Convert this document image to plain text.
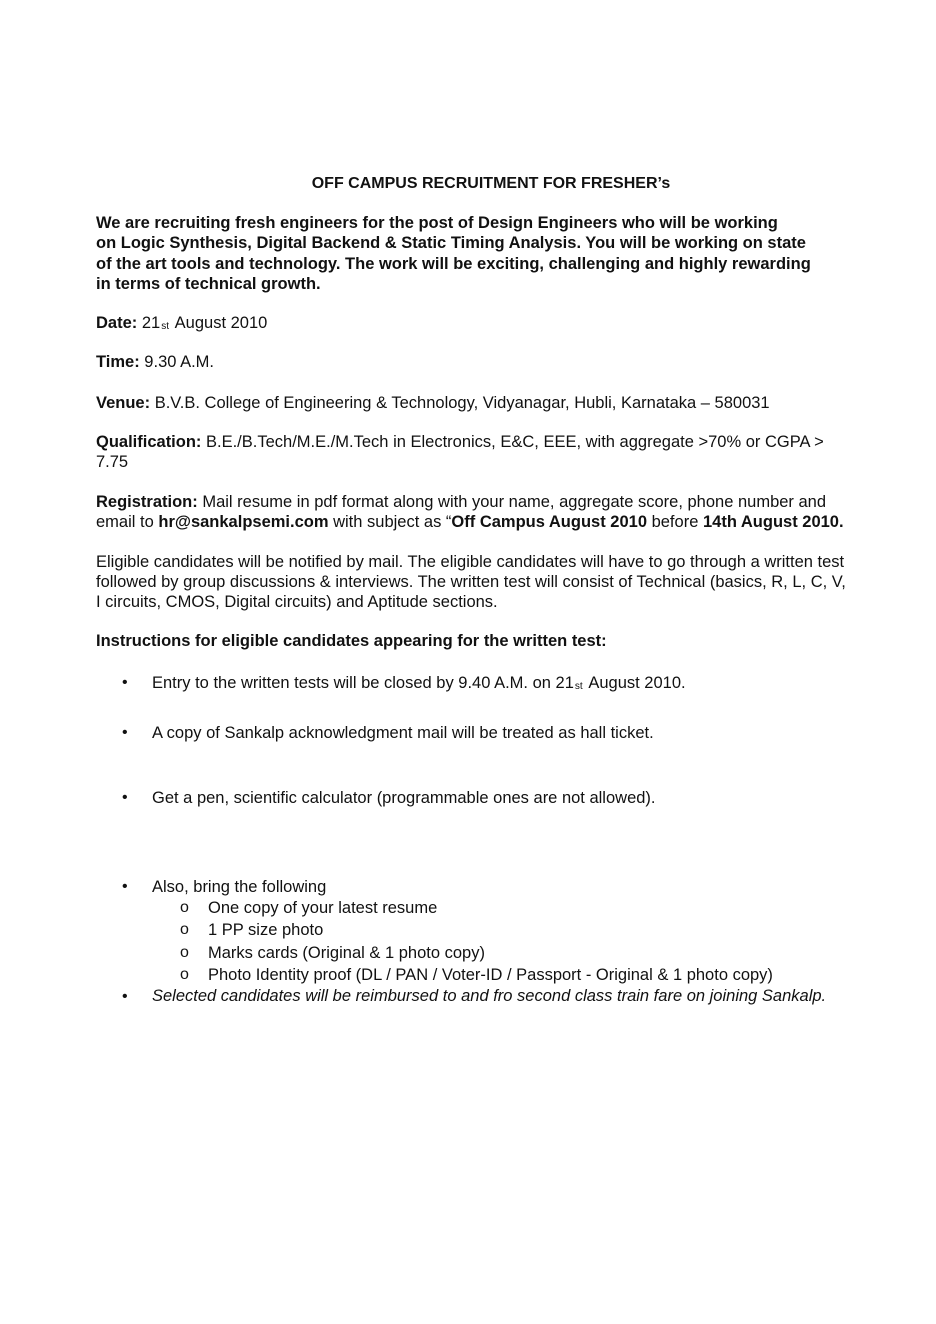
OFF CAMPUS RECRUITMENT FOR FRESHER’s
We are recruiting fresh engineers for the post of Design Engineers who will be working
on Logic Synthesis, Digital Backend & Static Timing Analysis. You will be working on state
of the art tools and technology. The work will be exciting, challenging and highly rewarding
in terms of technical growth.
Date: 21st August 2010
Time: 9.30 A.M.
Venue: B.V.B. College of Engineering & Technology, Vidyanagar, Hubli, Karnataka – 580031
Qualification: B.E./B.Tech/M.E./M.Tech in Electronics, E&C, EEE, with aggregate >70% or CGPA >
7.75
Registration: Mail resume in pdf format along with your name, aggregate score, phone number and
email to hr@sankalpsemi.com with subject as “Off Campus August 2010 before 14th August 2010.
Eligible candidates will be notified by mail. The eligible candidates will have to go through a written test
followed by group discussions & interviews. The written test will consist of Technical (basics, R, L, C, V,
I circuits, CMOS, Digital circuits) and Aptitude sections.
Instructions for eligible candidates appearing for the written test:
• Entry to the written tests will be closed by 9.40 A.M. on 21st August 2010.
• A copy of Sankalp acknowledgment mail will be treated as hall ticket.
• Get a pen, scientific calculator (programmable ones are not allowed).
• Also, bring the following
o One copy of your latest resume
o 1 PP size photo
o Marks cards (Original & 1 photo copy)
o Photo Identity proof (DL / PAN / Voter-ID / Passport - Original & 1 photo copy)
• Selected candidates will be reimbursed to and fro second class train fare on joining Sankalp.
